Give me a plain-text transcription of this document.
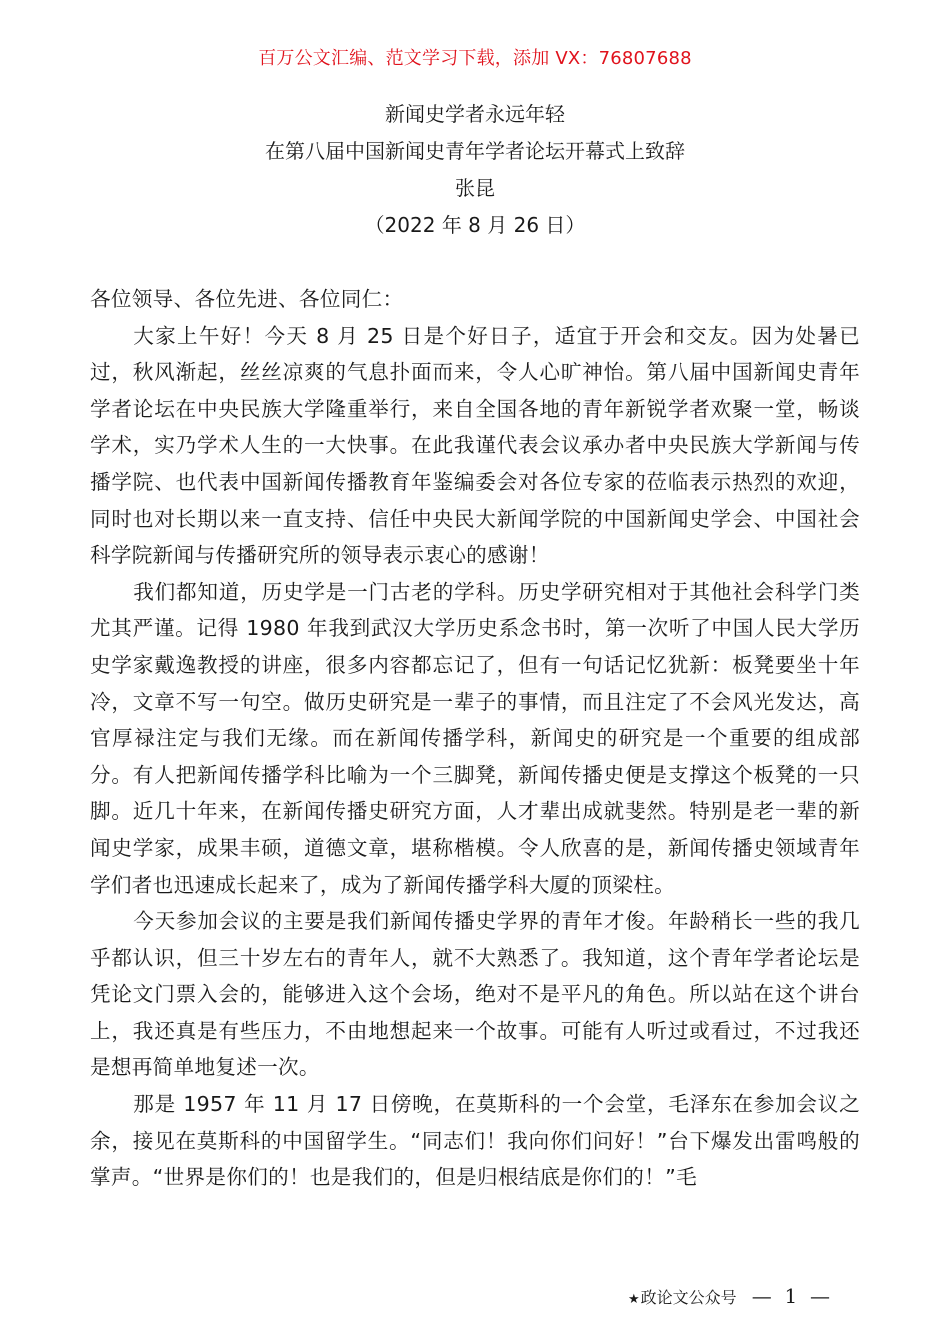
百万公文汇编、范文学习下载，添加 VX：76807688
新闻史学者永远年轻
在第八届中国新闻史青年学者论坛开幕式上致辞
张昆
（2022 年 8 月 26 日）

各位领导、各位先进、各位同仁：

大家上午好！今天 8 月 25 日是个好日子，适宜于开会和交友。因为处暑已过，秋风渐起，丝丝凉爽的气息扑面而来，令人心旷神怡。第八届中国新闻史青年学者论坛在中央民族大学隆重举行，来自全国各地的青年新锐学者欢聚一堂，畅谈学术，实乃学术人生的一大快事。在此我谨代表会议承办者中央民族大学新闻与传播学院、也代表中国新闻传播教育年鉴编委会对各位专家的莅临表示热烈的欢迎，同时也对长期以来一直支持、信任中央民大新闻学院的中国新闻史学会、中国社会科学院新闻与传播研究所的领导表示衷心的感谢！

我们都知道，历史学是一门古老的学科。历史学研究相对于其他社会科学门类尤其严谨。记得 1980 年我到武汉大学历史系念书时，第一次听了中国人民大学历史学家戴逸教授的讲座，很多内容都忘记了，但有一句话记忆犹新：板凳要坐十年冷，文章不写一句空。做历史研究是一辈子的事情，而且注定了不会风光发达，高官厚禄注定与我们无缘。而在新闻传播学科，新闻史的研究是一个重要的组成部分。有人把新闻传播学科比喻为一个三脚凳，新闻传播史便是支撑这个板凳的一只脚。近几十年来，在新闻传播史研究方面，人才辈出成就斐然。特别是老一辈的新闻史学家，成果丰硕，道德文章，堪称楷模。令人欣喜的是，新闻传播史领域青年学们者也迅速成长起来了，成为了新闻传播学科大厦的顶梁柱。

今天参加会议的主要是我们新闻传播史学界的青年才俊。年龄稍长一些的我几乎都认识，但三十岁左右的青年人，就不大熟悉了。我知道，这个青年学者论坛是凭论文门票入会的，能够进入这个会场，绝对不是平凡的角色。所以站在这个讲台上，我还真是有些压力，不由地想起来一个故事。可能有人听过或看过，不过我还是想再简单地复述一次。

那是 1957 年 11 月 17 日傍晚，在莫斯科的一个会堂，毛泽东在参加会议之余，接见在莫斯科的中国留学生。“同志们！我向你们问好！”台下爆发出雷鸣般的掌声。“世界是你们的！也是我们的，但是归根结底是你们的！”毛

★政论文公众号 — 1 —
